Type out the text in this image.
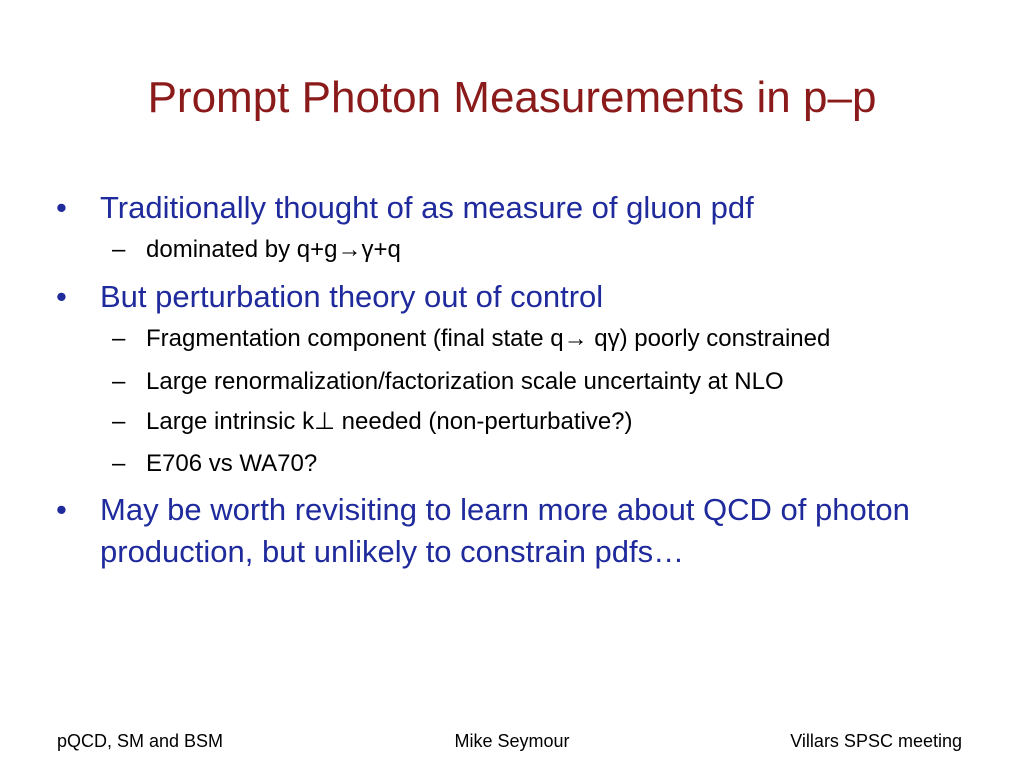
Prompt Photon Measurements in p–p
• Traditionally thought of as measure of gluon pdf
– dominated by q+g→γ+q
• But perturbation theory out of control
– Fragmentation component (final state q→ qγ) poorly constrained
– Large renormalization/factorization scale uncertainty at NLO
– Large intrinsic k⊥ needed (non-perturbative?)
– E706 vs WA70?
• May be worth revisiting to learn more about QCD of photon production, but unlikely to constrain pdfs…
Mike Seymour
pQCD, SM and BSM	Villars SPSC meeting
